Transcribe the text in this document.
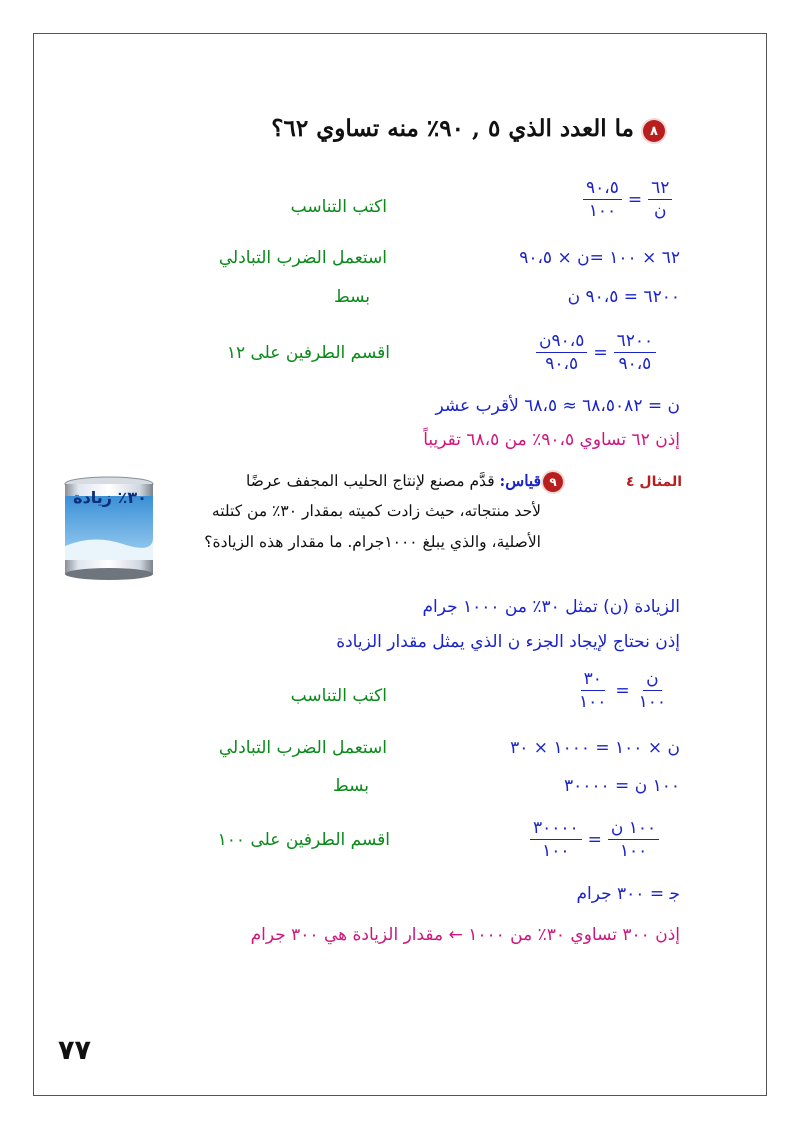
٨
ما العدد الذي ٥ , ٩٠٪ منه تساوي ٦٢؟
٩٠،٥
١٠٠
=
٦٢
ن
اكتب التناسب
٦٢ × ١٠٠ =ن × ٩٠،٥
استعمل الضرب التبادلي
٦٢٠٠ = ٩٠،٥ ن
بسط
٩٠،٥ن
٩٠،٥
=
٦٢٠٠
٩٠،٥
اقسم الطرفين على ١٢
ن = ٦٨،٥٠٨٢ ≈ ٦٨،٥ لأقرب عشر
إذن ٦٢ تساوي ٩٠،٥٪ من ٦٨،٥ تقريباً
المثال ٤
٩
قياس: قدَّم مصنع لإنتاج الحليب المجفف عرضًا
لأحد منتجاته، حيث زادت كميته بمقدار ٣٠٪ من كتلته
الأصلية، والذي يبلغ ١٠٠٠جرام. ما مقدار هذه الزيادة؟
٣٠٪ زيادة
الزيادة (ن) تمثل ٣٠٪ من ١٠٠٠ جرام
إذن نحتاج لإيجاد الجزء ن الذي يمثل مقدار الزيادة
٣٠
١٠٠
=
ن
١٠٠
اكتب التناسب
ن × ١٠٠ = ١٠٠٠ × ٣٠
استعمل الضرب التبادلي
١٠٠ ن = ٣٠٠٠٠
بسط
٣٠٠٠٠
١٠٠
=
١٠٠ ن
١٠٠
اقسم الطرفين على ١٠٠
ﺟ = ٣٠٠ جرام
إذن ٣٠٠ تساوي ٣٠٪ من ١٠٠٠ ← مقدار الزيادة هي ٣٠٠ جرام
٧٧
